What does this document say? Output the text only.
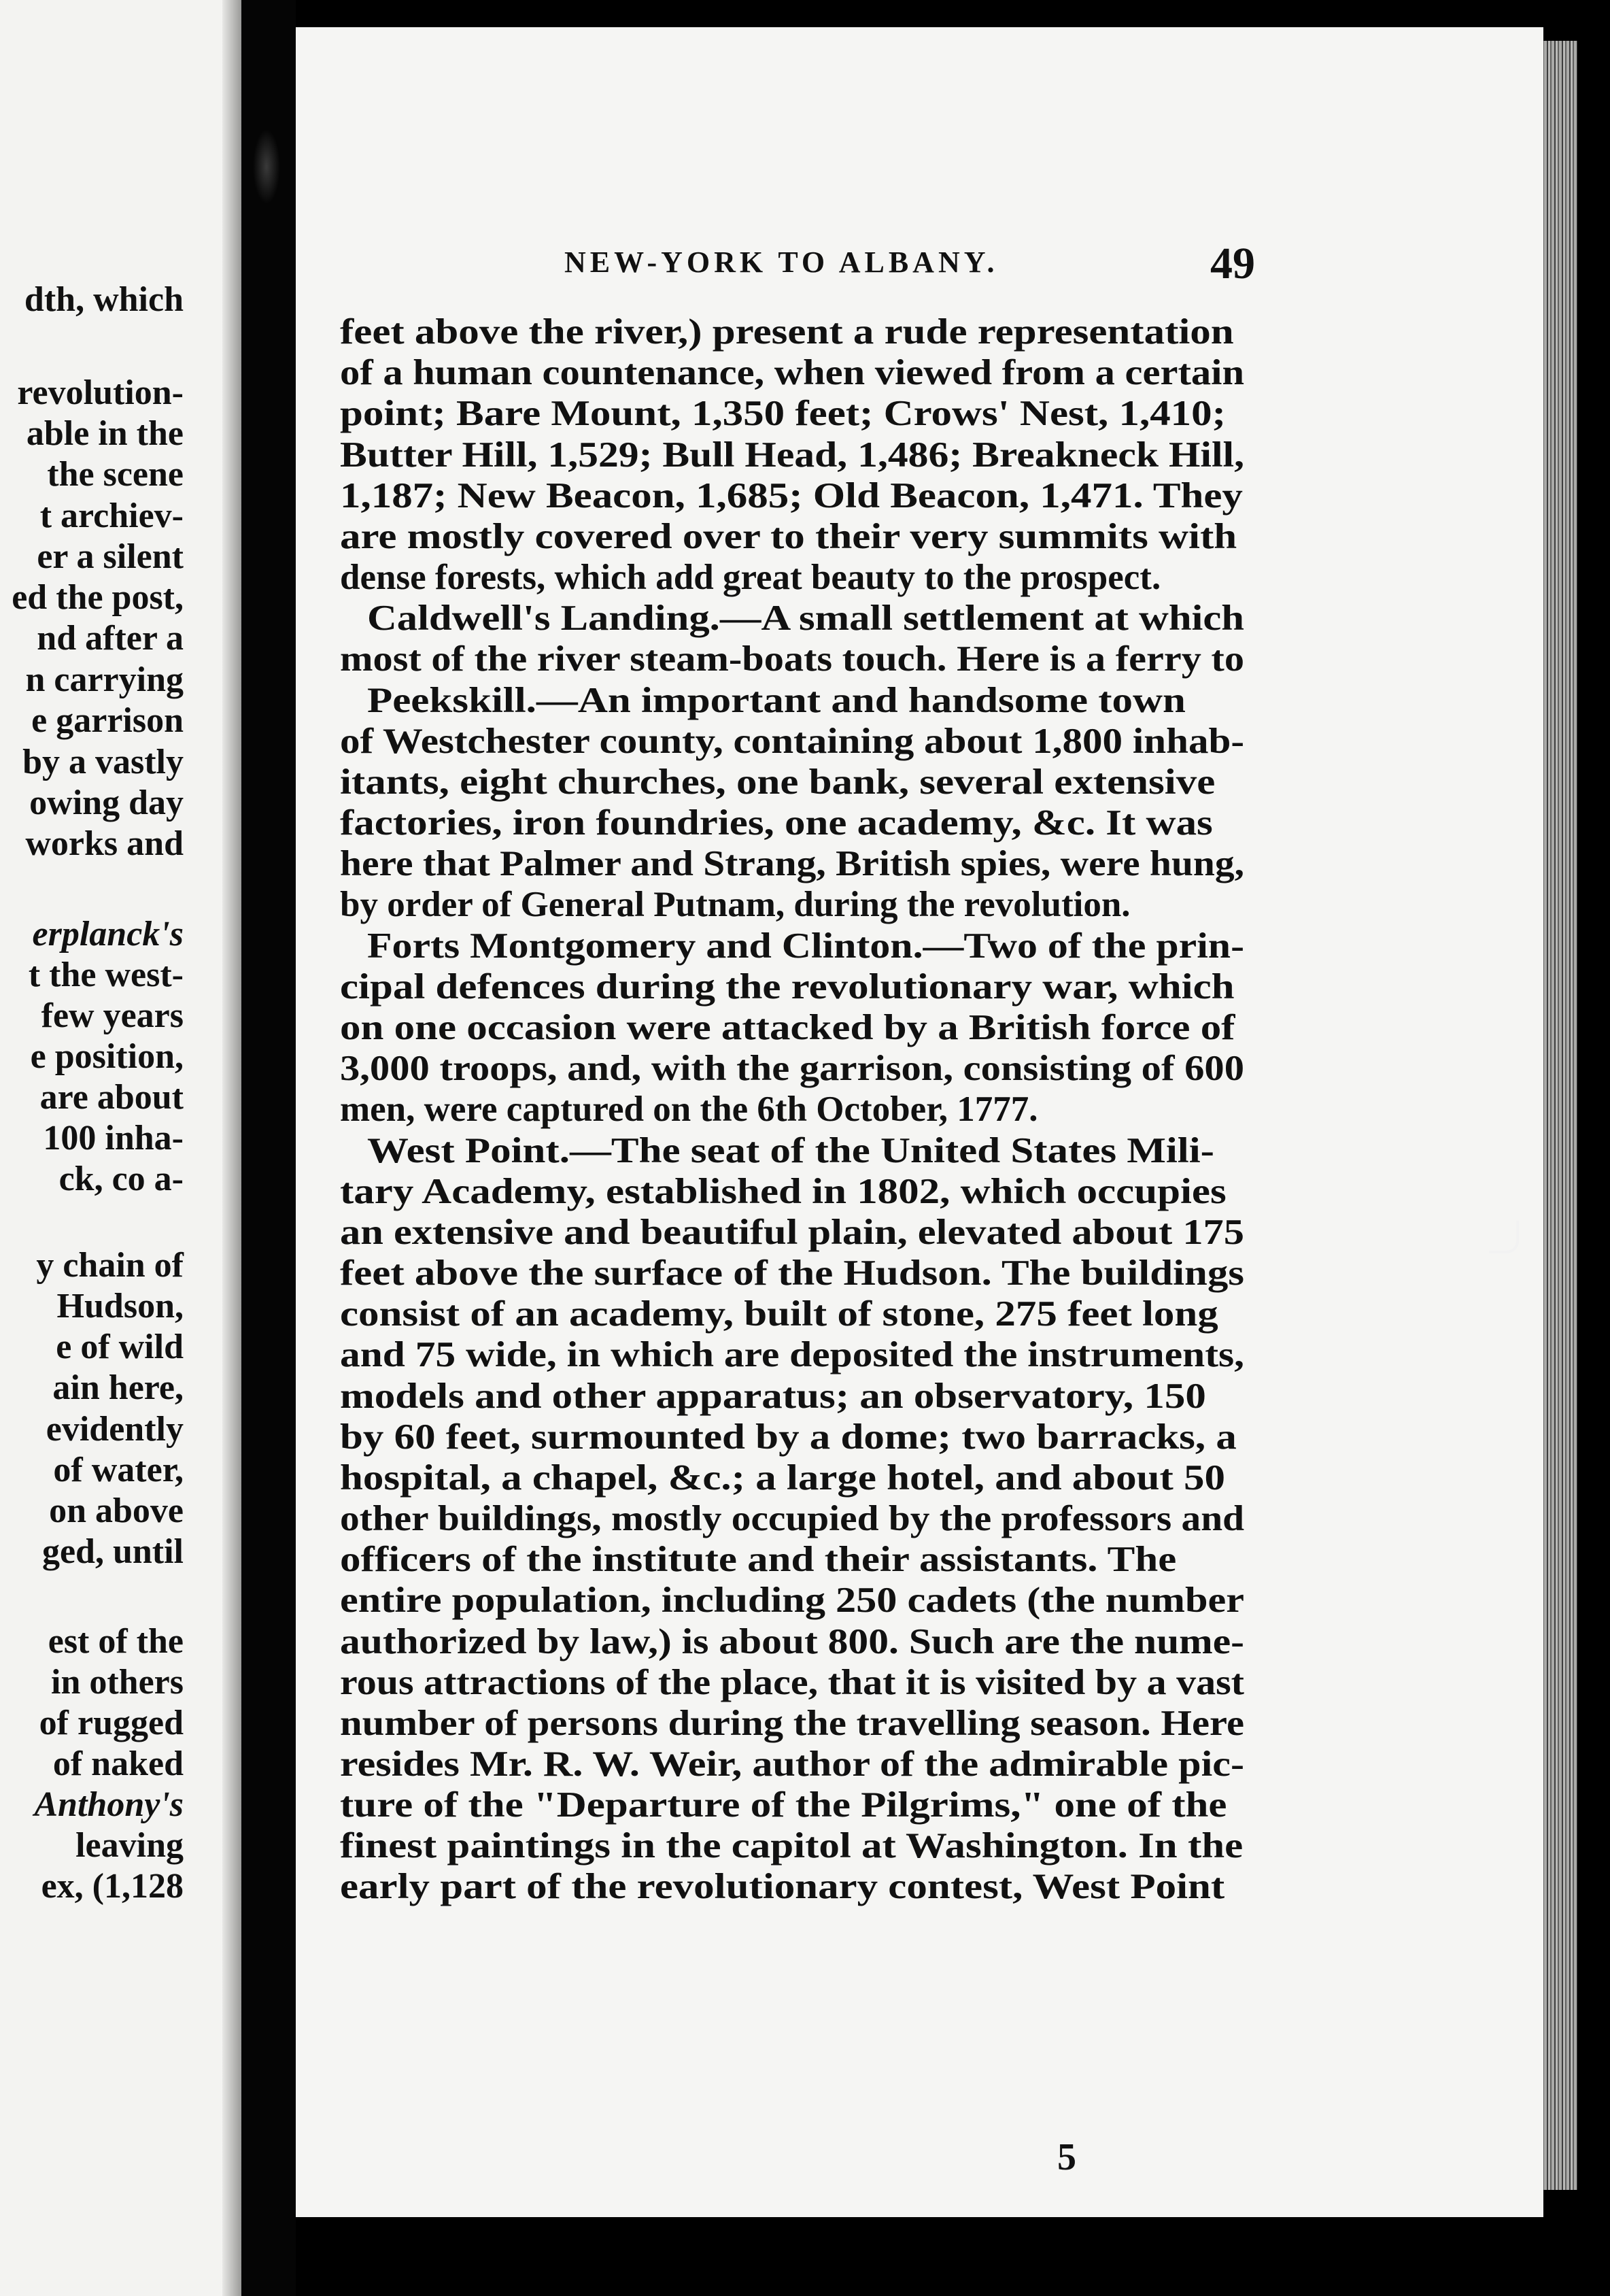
dth, which
revolution-
able in the
the scene
t archiev-
er a silent
ed the post,
nd after a
n carrying
e garrison
by a vastly
owing day
works and
erplanck's
t the west-
few years
e position,
are about
100 inha-
ck, co a-
y chain of
Hudson,
e of wild
ain here,
evidently
of water,
on above
ged, until
est of the
in others
of rugged
of naked
Anthony's
leaving
ex, (1,128
NEW-YORK TO ALBANY.	49
feet above the river,) present a rude representation
of a human countenance, when viewed from a certain
point; Bare Mount, 1,350 feet; Crows' Nest, 1,410;
Butter Hill, 1,529; Bull Head, 1,486; Breakneck Hill,
1,187; New Beacon, 1,685; Old Beacon, 1,471. They
are mostly covered over to their very summits with
dense forests, which add great beauty to the prospect.
Caldwell's Landing.—A small settlement at which
most of the river steam-boats touch. Here is a ferry to
Peekskill.—An important and handsome town
of Westchester county, containing about 1,800 inhab-
itants, eight churches, one bank, several extensive
factories, iron foundries, one academy, &c. It was
here that Palmer and Strang, British spies, were hung,
by order of General Putnam, during the revolution.
Forts Montgomery and Clinton.—Two of the prin-
cipal defences during the revolutionary war, which
on one occasion were attacked by a British force of
3,000 troops, and, with the garrison, consisting of 600
men, were captured on the 6th October, 1777.
West Point.—The seat of the United States Mili-
tary Academy, established in 1802, which occupies
an extensive and beautiful plain, elevated about 175
feet above the surface of the Hudson. The buildings
consist of an academy, built of stone, 275 feet long
and 75 wide, in which are deposited the instruments,
models and other apparatus; an observatory, 150
by 60 feet, surmounted by a dome; two barracks, a
hospital, a chapel, &c.; a large hotel, and about 50
other buildings, mostly occupied by the professors and
officers of the institute and their assistants. The
entire population, including 250 cadets (the number
authorized by law,) is about 800. Such are the nume-
rous attractions of the place, that it is visited by a vast
number of persons during the travelling season. Here
resides Mr. R. W. Weir, author of the admirable pic-
ture of the "Departure of the Pilgrims," one of the
finest paintings in the capitol at Washington. In the
early part of the revolutionary contest, West Point
5
